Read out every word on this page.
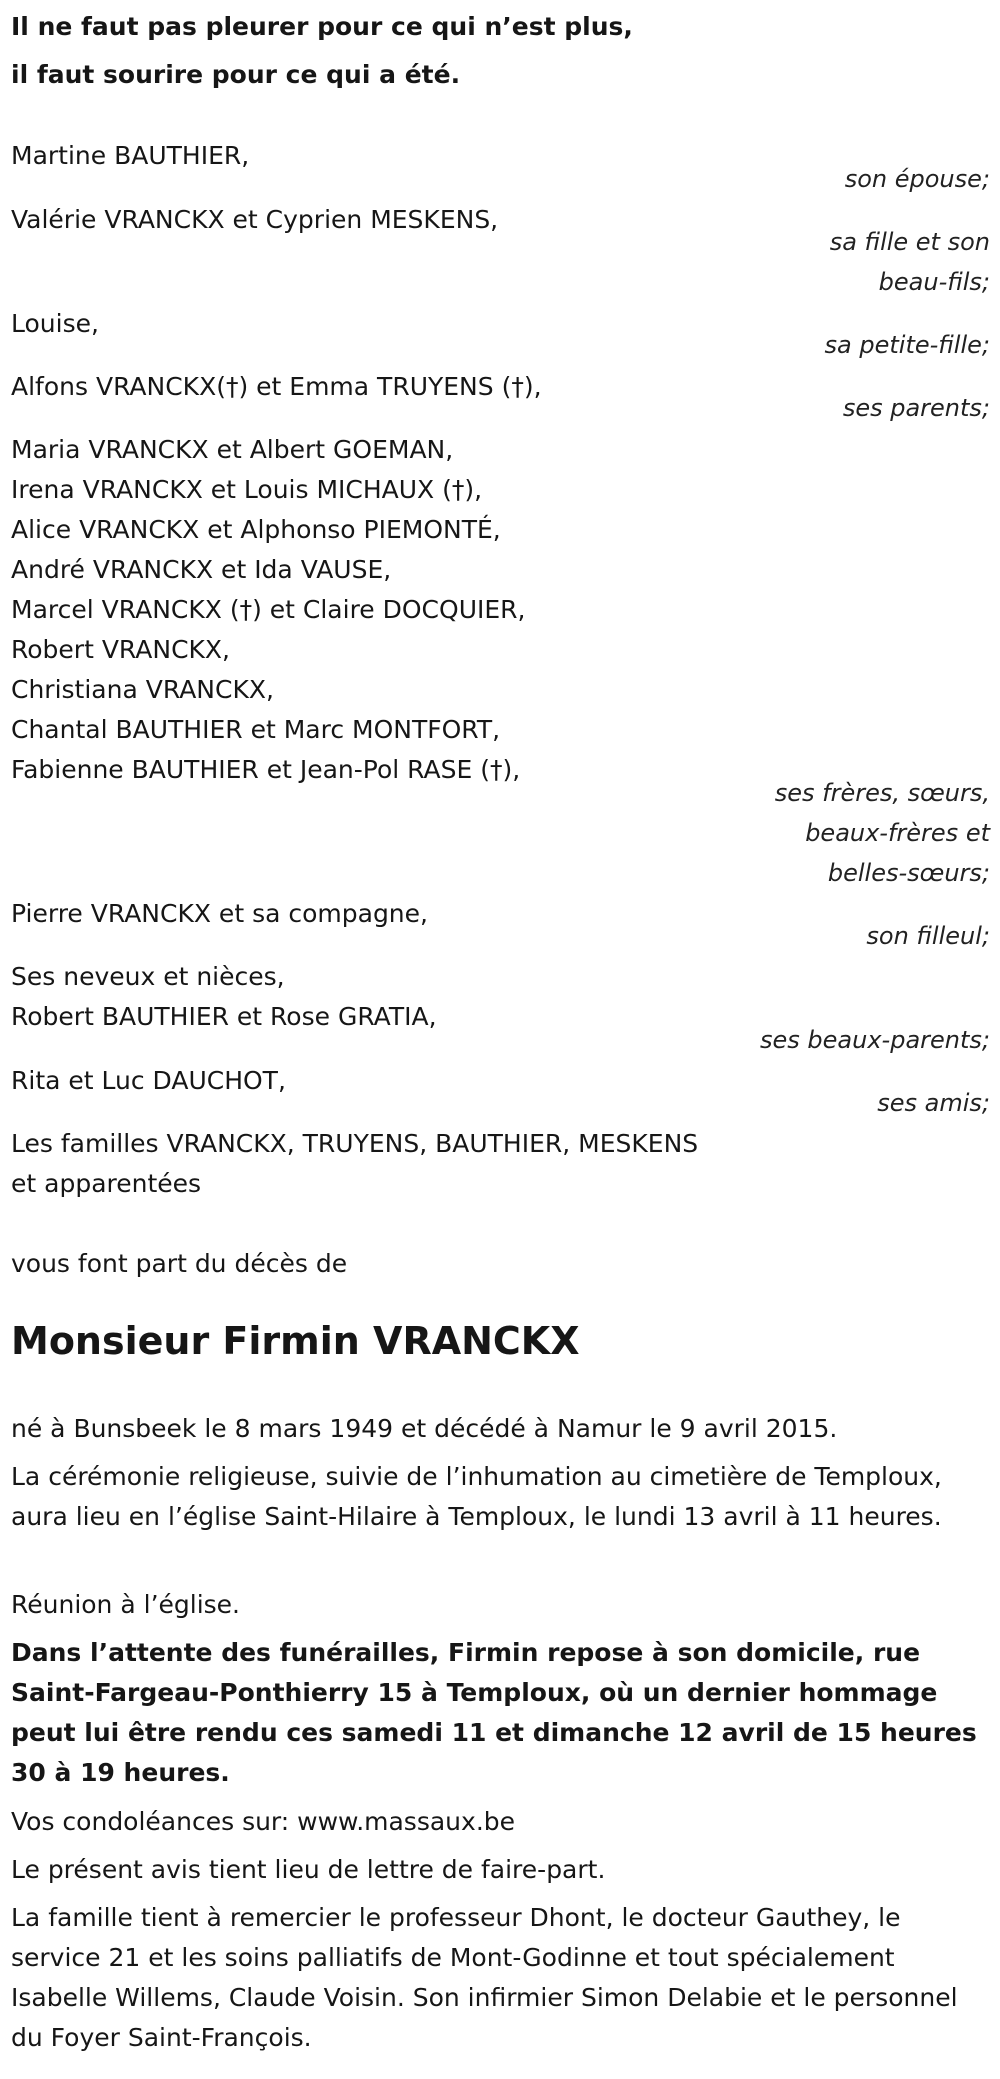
Il ne faut pas pleurer pour ce qui n’est plus,
il faut sourire pour ce qui a été.
Martine BAUTHIER,
Valérie VRANCKX et Cyprien MESKENS,
Louise,
Alfons VRANCKX(†) et Emma TRUYENS (†),
Maria VRANCKX et Albert GOEMAN,
Irena VRANCKX et Louis MICHAUX (†),
Alice VRANCKX et Alphonso PIEMONTÉ,
André VRANCKX et Ida VAUSE,
Marcel VRANCKX (†) et Claire DOCQUIER,
Robert VRANCKX,
Christiana VRANCKX,
Chantal BAUTHIER et Marc MONTFORT,
Fabienne BAUTHIER et Jean-Pol RASE (†),
Pierre VRANCKX et sa compagne,
Ses neveux et nièces,
Robert BAUTHIER et Rose GRATIA,
Rita et Luc DAUCHOT,
Les familles VRANCKX, TRUYENS, BAUTHIER, MESKENS
et apparentées
son épouse;
sa fille et son
beau-fils;
sa petite-fille;
ses parents;
ses frères, sœurs,
beaux-frères et
belles-sœurs;
son filleul;
ses beaux-parents;
ses amis;
vous font part du décès de
Monsieur Firmin VRANCKX
né à Bunsbeek le 8 mars 1949 et décédé à Namur le 9 avril 2015.
La cérémonie religieuse, suivie de l’inhumation au cimetière de Temploux, aura lieu en l’église Saint-Hilaire à Temploux, le lundi 13 avril à 11 heures.
Réunion à l’église.
Dans l’attente des funérailles, Firmin repose à son domicile, rue Saint-Fargeau-Ponthierry 15 à Temploux, où un dernier hommage peut lui être rendu ces samedi 11 et dimanche 12 avril de 15 heures 30 à 19 heures.
Vos condoléances sur: www.massaux.be
Le présent avis tient lieu de lettre de faire-part.
La famille tient à remercier le professeur Dhont, le docteur Gauthey, le service 21 et les soins palliatifs de Mont-Godinne et tout spécialement Isabelle Willems, Claude Voisin. Son infirmier Simon Delabie et le personnel du Foyer Saint-François.
